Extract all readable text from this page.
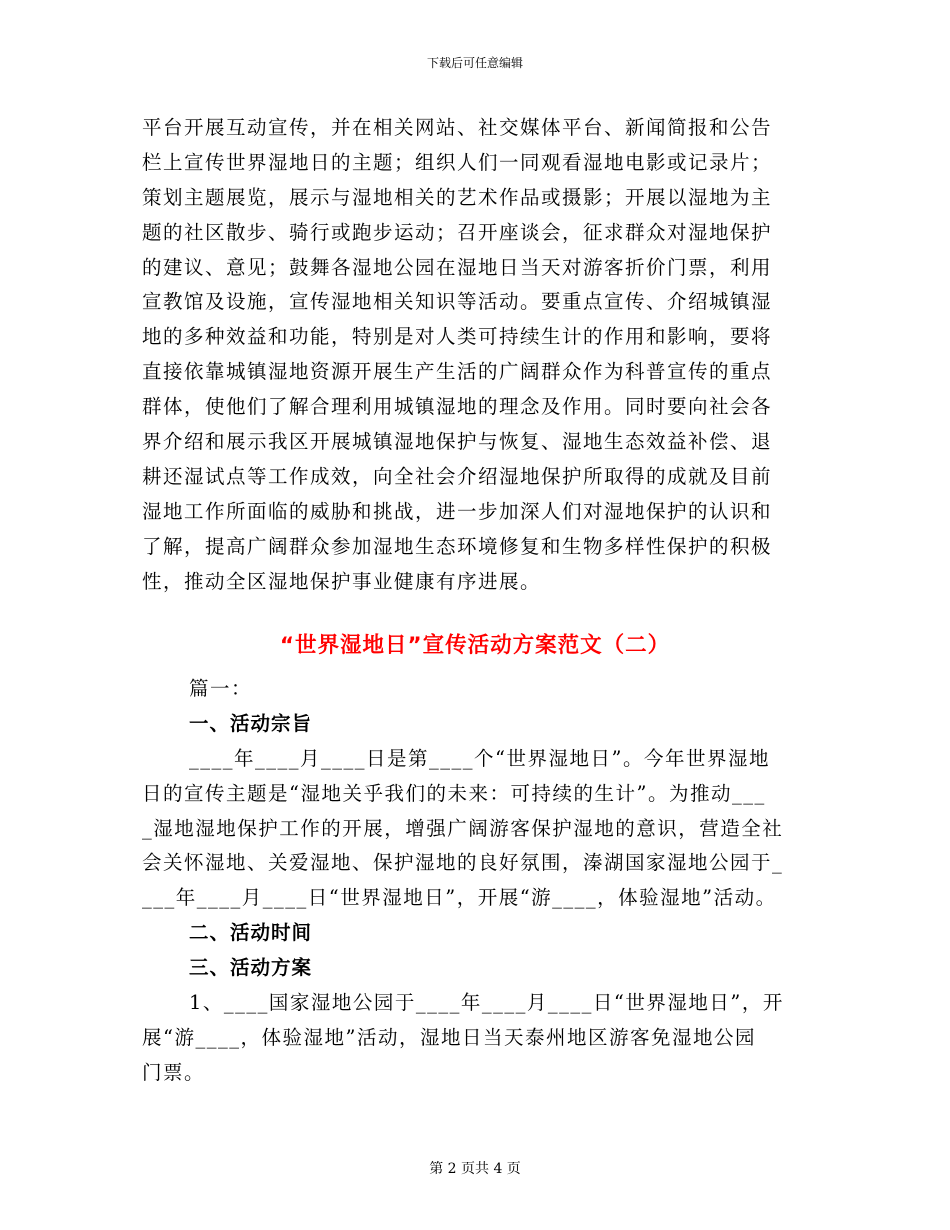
下载后可任意编辑
平台开展互动宣传，并在相关网站、社交媒体平台、新闻简报和公告
栏上宣传世界湿地日的主题；组织人们一同观看湿地电影或记录片；
策划主题展览，展示与湿地相关的艺术作品或摄影；开展以湿地为主
题的社区散步、骑行或跑步运动；召开座谈会，征求群众对湿地保护
的建议、意见；鼓舞各湿地公园在湿地日当天对游客折价门票，利用
宣教馆及设施，宣传湿地相关知识等活动。要重点宣传、介绍城镇湿
地的多种效益和功能，特别是对人类可持续生计的作用和影响，要将
直接依靠城镇湿地资源开展生产生活的广阔群众作为科普宣传的重点
群体，使他们了解合理利用城镇湿地的理念及作用。同时要向社会各
界介绍和展示我区开展城镇湿地保护与恢复、湿地生态效益补偿、退
耕还湿试点等工作成效，向全社会介绍湿地保护所取得的成就及目前
湿地工作所面临的威胁和挑战，进一步加深人们对湿地保护的认识和
了解，提高广阔群众参加湿地生态环境修复和生物多样性保护的积极
性，推动全区湿地保护事业健康有序进展。
“世界湿地日”宣传活动方案范文（二）
篇一：
一、活动宗旨
____年____月____日是第____个“世界湿地日”。今年世界湿地
日的宣传主题是“湿地关乎我们的未来：可持续的生计”。为推动___
_湿地湿地保护工作的开展，增强广阔游客保护湿地的意识，营造全社
会关怀湿地、关爱湿地、保护湿地的良好氛围，溱湖国家湿地公园于_
___年____月____日“世界湿地日”，开展“游____，体验湿地”活动。
二、活动时间
三、活动方案
1、____国家湿地公园于____年____月____日“世界湿地日”，开
展“游____，体验湿地”活动，湿地日当天泰州地区游客免湿地公园
门票。
第 2 页共 4 页
